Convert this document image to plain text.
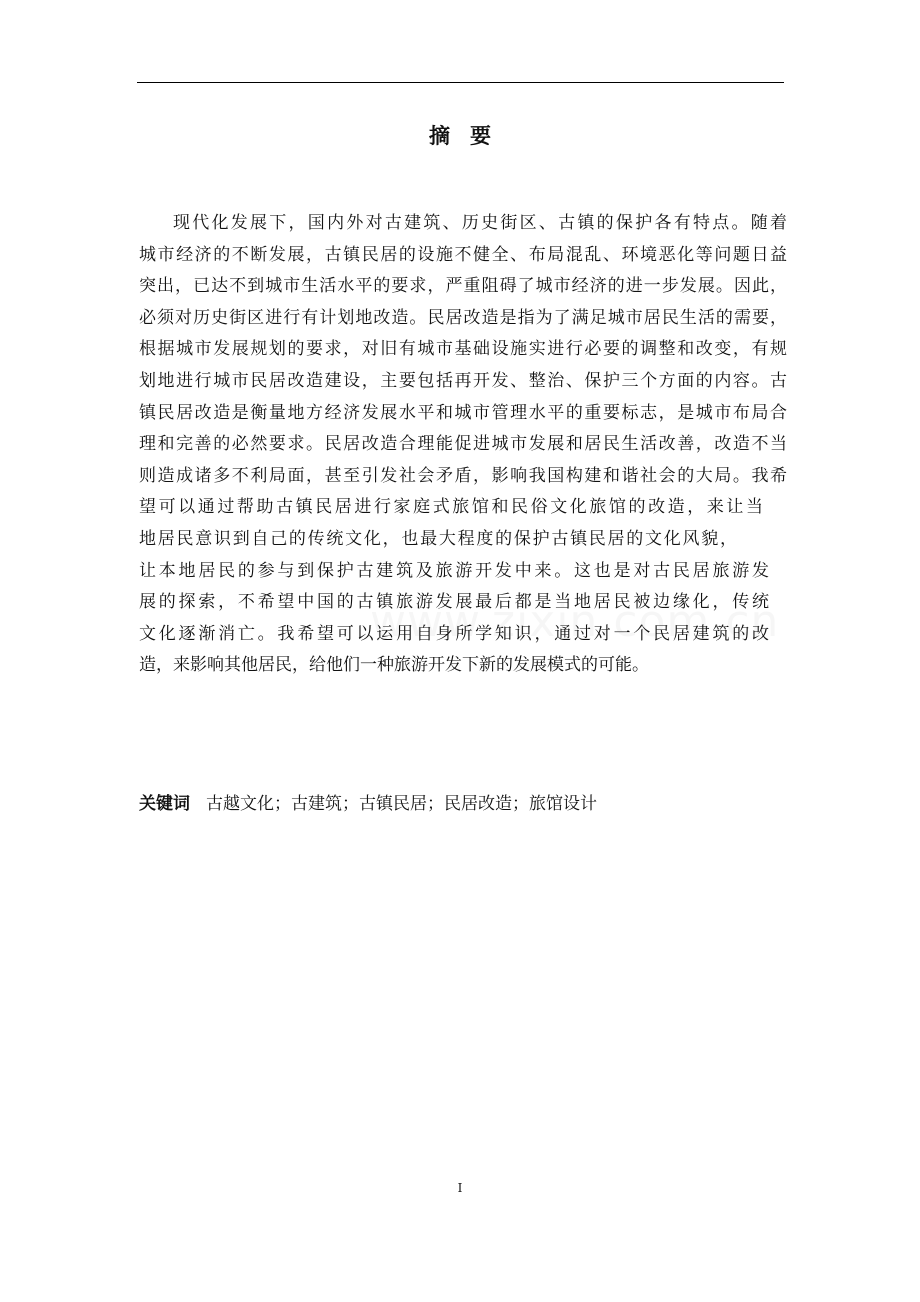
摘 要
现代化发展下，国内外对古建筑、历史街区、古镇的保护各有特点。随着
城市经济的不断发展，古镇民居的设施不健全、布局混乱、环境恶化等问题日益
突出，已达不到城市生活水平的要求，严重阻碍了城市经济的进一步发展。因此，
必须对历史街区进行有计划地改造。民居改造是指为了满足城市居民生活的需要，
根据城市发展规划的要求，对旧有城市基础设施实进行必要的调整和改变，有规
划地进行城市民居改造建设，主要包括再开发、整治、保护三个方面的内容。古
镇民居改造是衡量地方经济发展水平和城市管理水平的重要标志，是城市布局合
理和完善的必然要求。民居改造合理能促进城市发展和居民生活改善，改造不当
则造成诸多不利局面，甚至引发社会矛盾，影响我国构建和谐社会的大局。我希
望可以通过帮助古镇民居进行家庭式旅馆和民俗文化旅馆的改造，来让当
地居民意识到自己的传统文化，也最大程度的保护古镇民居的文化风貌，
让本地居民的参与到保护古建筑及旅游开发中来。这也是对古民居旅游发
展的探索，不希望中国的古镇旅游发展最后都是当地居民被边缘化，传统
文化逐渐消亡。我希望可以运用自身所学知识，通过对一个民居建筑的改
造，来影响其他居民，给他们一种旅游开发下新的发展模式的可能。
关键词 古越文化；古建筑；古镇民居；民居改造；旅馆设计
I
